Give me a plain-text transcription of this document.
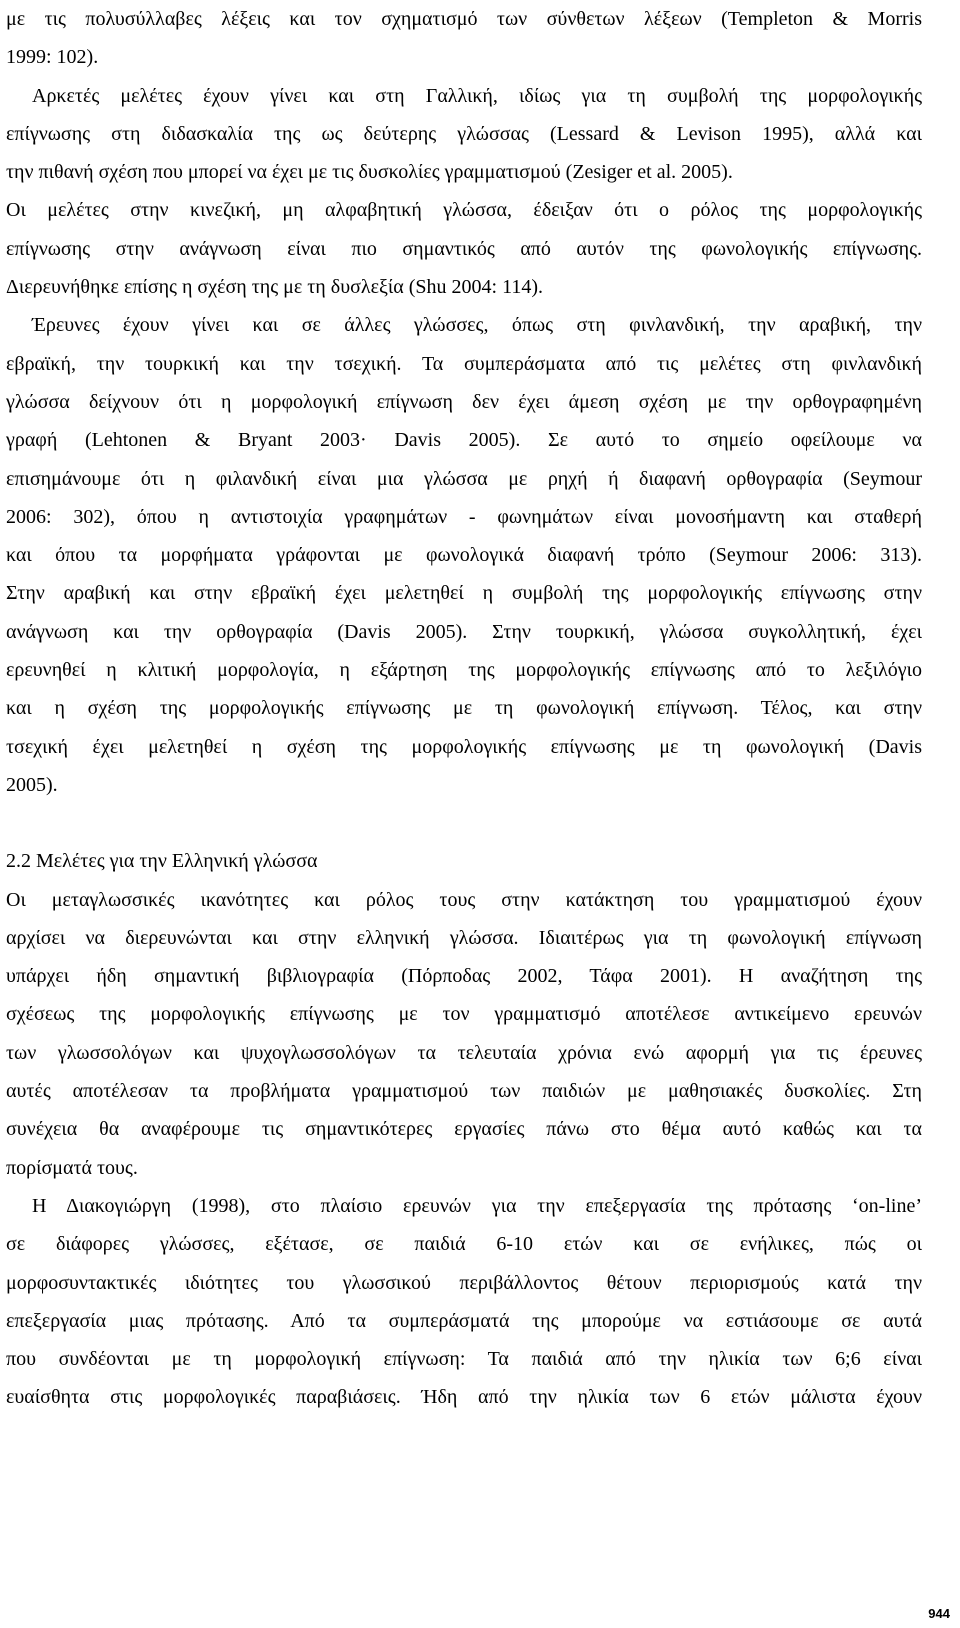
με τις πολυσύλλαβες λέξεις και τον σχηματισμό των σύνθετων λέξεων (Templeton & Morris
1999: 102).
Αρκετές μελέτες έχουν γίνει και στη Γαλλική, ιδίως για τη συμβολή της μορφολογικής
επίγνωσης στη διδασκαλία της ως δεύτερης γλώσσας (Lessard & Levison 1995), αλλά και
την πιθανή σχέση που μπορεί να έχει με τις δυσκολίες γραμματισμού (Zesiger et al. 2005).
Οι μελέτες στην κινεζική, μη αλφαβητική γλώσσα, έδειξαν ότι ο ρόλος της μορφολογικής
επίγνωσης στην ανάγνωση είναι πιο σημαντικός από αυτόν της φωνολογικής επίγνωσης.
Διερευνήθηκε επίσης η σχέση της με τη δυσλεξία (Shu 2004: 114).
Έρευνες έχουν γίνει και σε άλλες γλώσσες, όπως στη φινλανδική, την αραβική, την
εβραϊκή, την τουρκική και την τσεχική. Τα συμπεράσματα από τις μελέτες στη φινλανδική
γλώσσα δείχνουν ότι η μορφολογική επίγνωση δεν έχει άμεση σχέση με την ορθογραφημένη
γραφή (Lehtonen & Bryant 2003· Davis 2005). Σε αυτό το σημείο οφείλουμε να
επισημάνουμε ότι η φιλανδική είναι μια γλώσσα με ρηχή ή διαφανή ορθογραφία (Seymour
2006: 302), όπου η αντιστοιχία γραφημάτων - φωνημάτων είναι μονοσήμαντη και σταθερή
και όπου τα μορφήματα γράφονται με φωνολογικά διαφανή τρόπο (Seymour 2006: 313).
Στην αραβική και στην εβραϊκή έχει μελετηθεί η συμβολή της μορφολογικής επίγνωσης στην
ανάγνωση και την ορθογραφία (Davis 2005). Στην τουρκική, γλώσσα συγκολλητική, έχει
ερευνηθεί η κλιτική μορφολογία, η εξάρτηση της μορφολογικής επίγνωσης από το λεξιλόγιο
και η σχέση της μορφολογικής επίγνωσης με τη φωνολογική επίγνωση. Τέλος, και στην
τσεχική έχει μελετηθεί η σχέση της μορφολογικής επίγνωσης με τη φωνολογική (Davis
2005).
2.2 Μελέτες για την Ελληνική γλώσσα
Οι μεταγλωσσικές ικανότητες και ρόλος τους στην κατάκτηση του γραμματισμού έχουν
αρχίσει να διερευνώνται και στην ελληνική γλώσσα. Ιδιαιτέρως για τη φωνολογική επίγνωση
υπάρχει ήδη σημαντική βιβλιογραφία (Πόρποδας 2002, Τάφα 2001). Η αναζήτηση της
σχέσεως της μορφολογικής επίγνωσης με τον γραμματισμό αποτέλεσε αντικείμενο ερευνών
των γλωσσολόγων και ψυχογλωσσολόγων τα τελευταία χρόνια ενώ αφορμή για τις έρευνες
αυτές αποτέλεσαν τα προβλήματα γραμματισμού των παιδιών με μαθησιακές δυσκολίες. Στη
συνέχεια θα αναφέρουμε τις σημαντικότερες εργασίες πάνω στο θέμα αυτό καθώς και τα
πορίσματά τους.
Η Διακογιώργη (1998), στο πλαίσιο ερευνών για την επεξεργασία της πρότασης ‘on-line’
σε διάφορες γλώσσες, εξέτασε, σε παιδιά 6-10 ετών και σε ενήλικες, πώς οι
μορφοσυντακτικές ιδιότητες του γλωσσικού περιβάλλοντος θέτουν περιορισμούς κατά την
επεξεργασία μιας πρότασης. Από τα συμπεράσματά της μπορούμε να εστιάσουμε σε αυτά
που συνδέονται με τη μορφολογική επίγνωση: Τα παιδιά από την ηλικία των 6;6 είναι
ευαίσθητα στις μορφολογικές παραβιάσεις. Ήδη από την ηλικία των 6 ετών μάλιστα έχουν
944
